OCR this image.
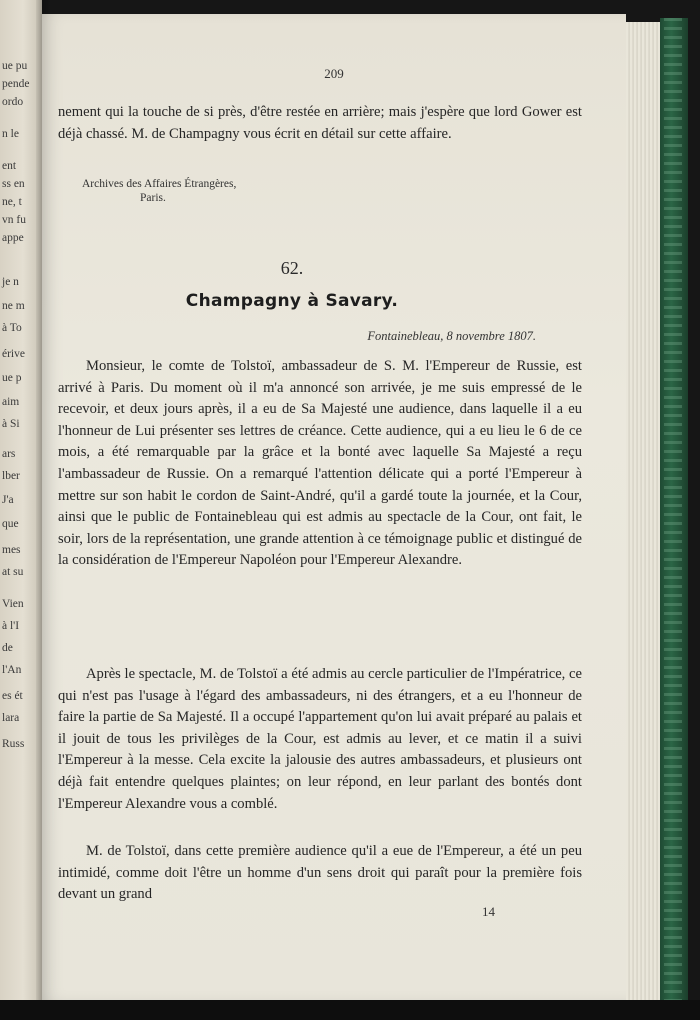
ue pu
pende
ordo
n le
ent
ss en
ne, t
vn fu
appe
je n
ne m
à To
érive
ue p
aim
à Si
ars
lber
J'a
que
mes
at su
Vien
à l'I
de
l'An
es ét
lara
Russ
209
nement qui la touche de si près, d'être restée en arrière; mais j'espère que lord Gower est déjà chassé. M. de Champagny vous écrit en détail sur cette affaire.
Archives des Affaires Étrangères,
Paris.
62.
Champagny à Savary.
Fontainebleau, 8 novembre 1807.
Monsieur, le comte de Tolstoï, ambassadeur de S. M. l'Empereur de Russie, est arrivé à Paris. Du moment où il m'a annoncé son arrivée, je me suis empressé de le recevoir, et deux jours après, il a eu de Sa Majesté une audience, dans laquelle il a eu l'honneur de Lui présenter ses lettres de créance. Cette audience, qui a eu lieu le 6 de ce mois, a été remarquable par la grâce et la bonté avec laquelle Sa Majesté a reçu l'ambassadeur de Russie. On a remarqué l'attention délicate qui a porté l'Empereur à mettre sur son habit le cordon de Saint-André, qu'il a gardé toute la journée, et la Cour, ainsi que le public de Fontainebleau qui est admis au spectacle de la Cour, ont fait, le soir, lors de la représentation, une grande attention à ce témoignage public et distingué de la considération de l'Empereur Napoléon pour l'Empereur Alexandre.
Après le spectacle, M. de Tolstoï a été admis au cercle particulier de l'Impératrice, ce qui n'est pas l'usage à l'égard des ambassadeurs, ni des étrangers, et a eu l'honneur de faire la partie de Sa Majesté. Il a occupé l'appartement qu'on lui avait préparé au palais et il jouit de tous les privilèges de la Cour, est admis au lever, et ce matin il a suivi l'Empereur à la messe. Cela excite la jalousie des autres ambassadeurs, et plusieurs ont déjà fait entendre quelques plaintes; on leur répond, en leur parlant des bontés dont l'Empereur Alexandre vous a comblé.
M. de Tolstoï, dans cette première audience qu'il a eue de l'Empereur, a été un peu intimidé, comme doit l'être un homme d'un sens droit qui paraît pour la première fois devant un grand
14
